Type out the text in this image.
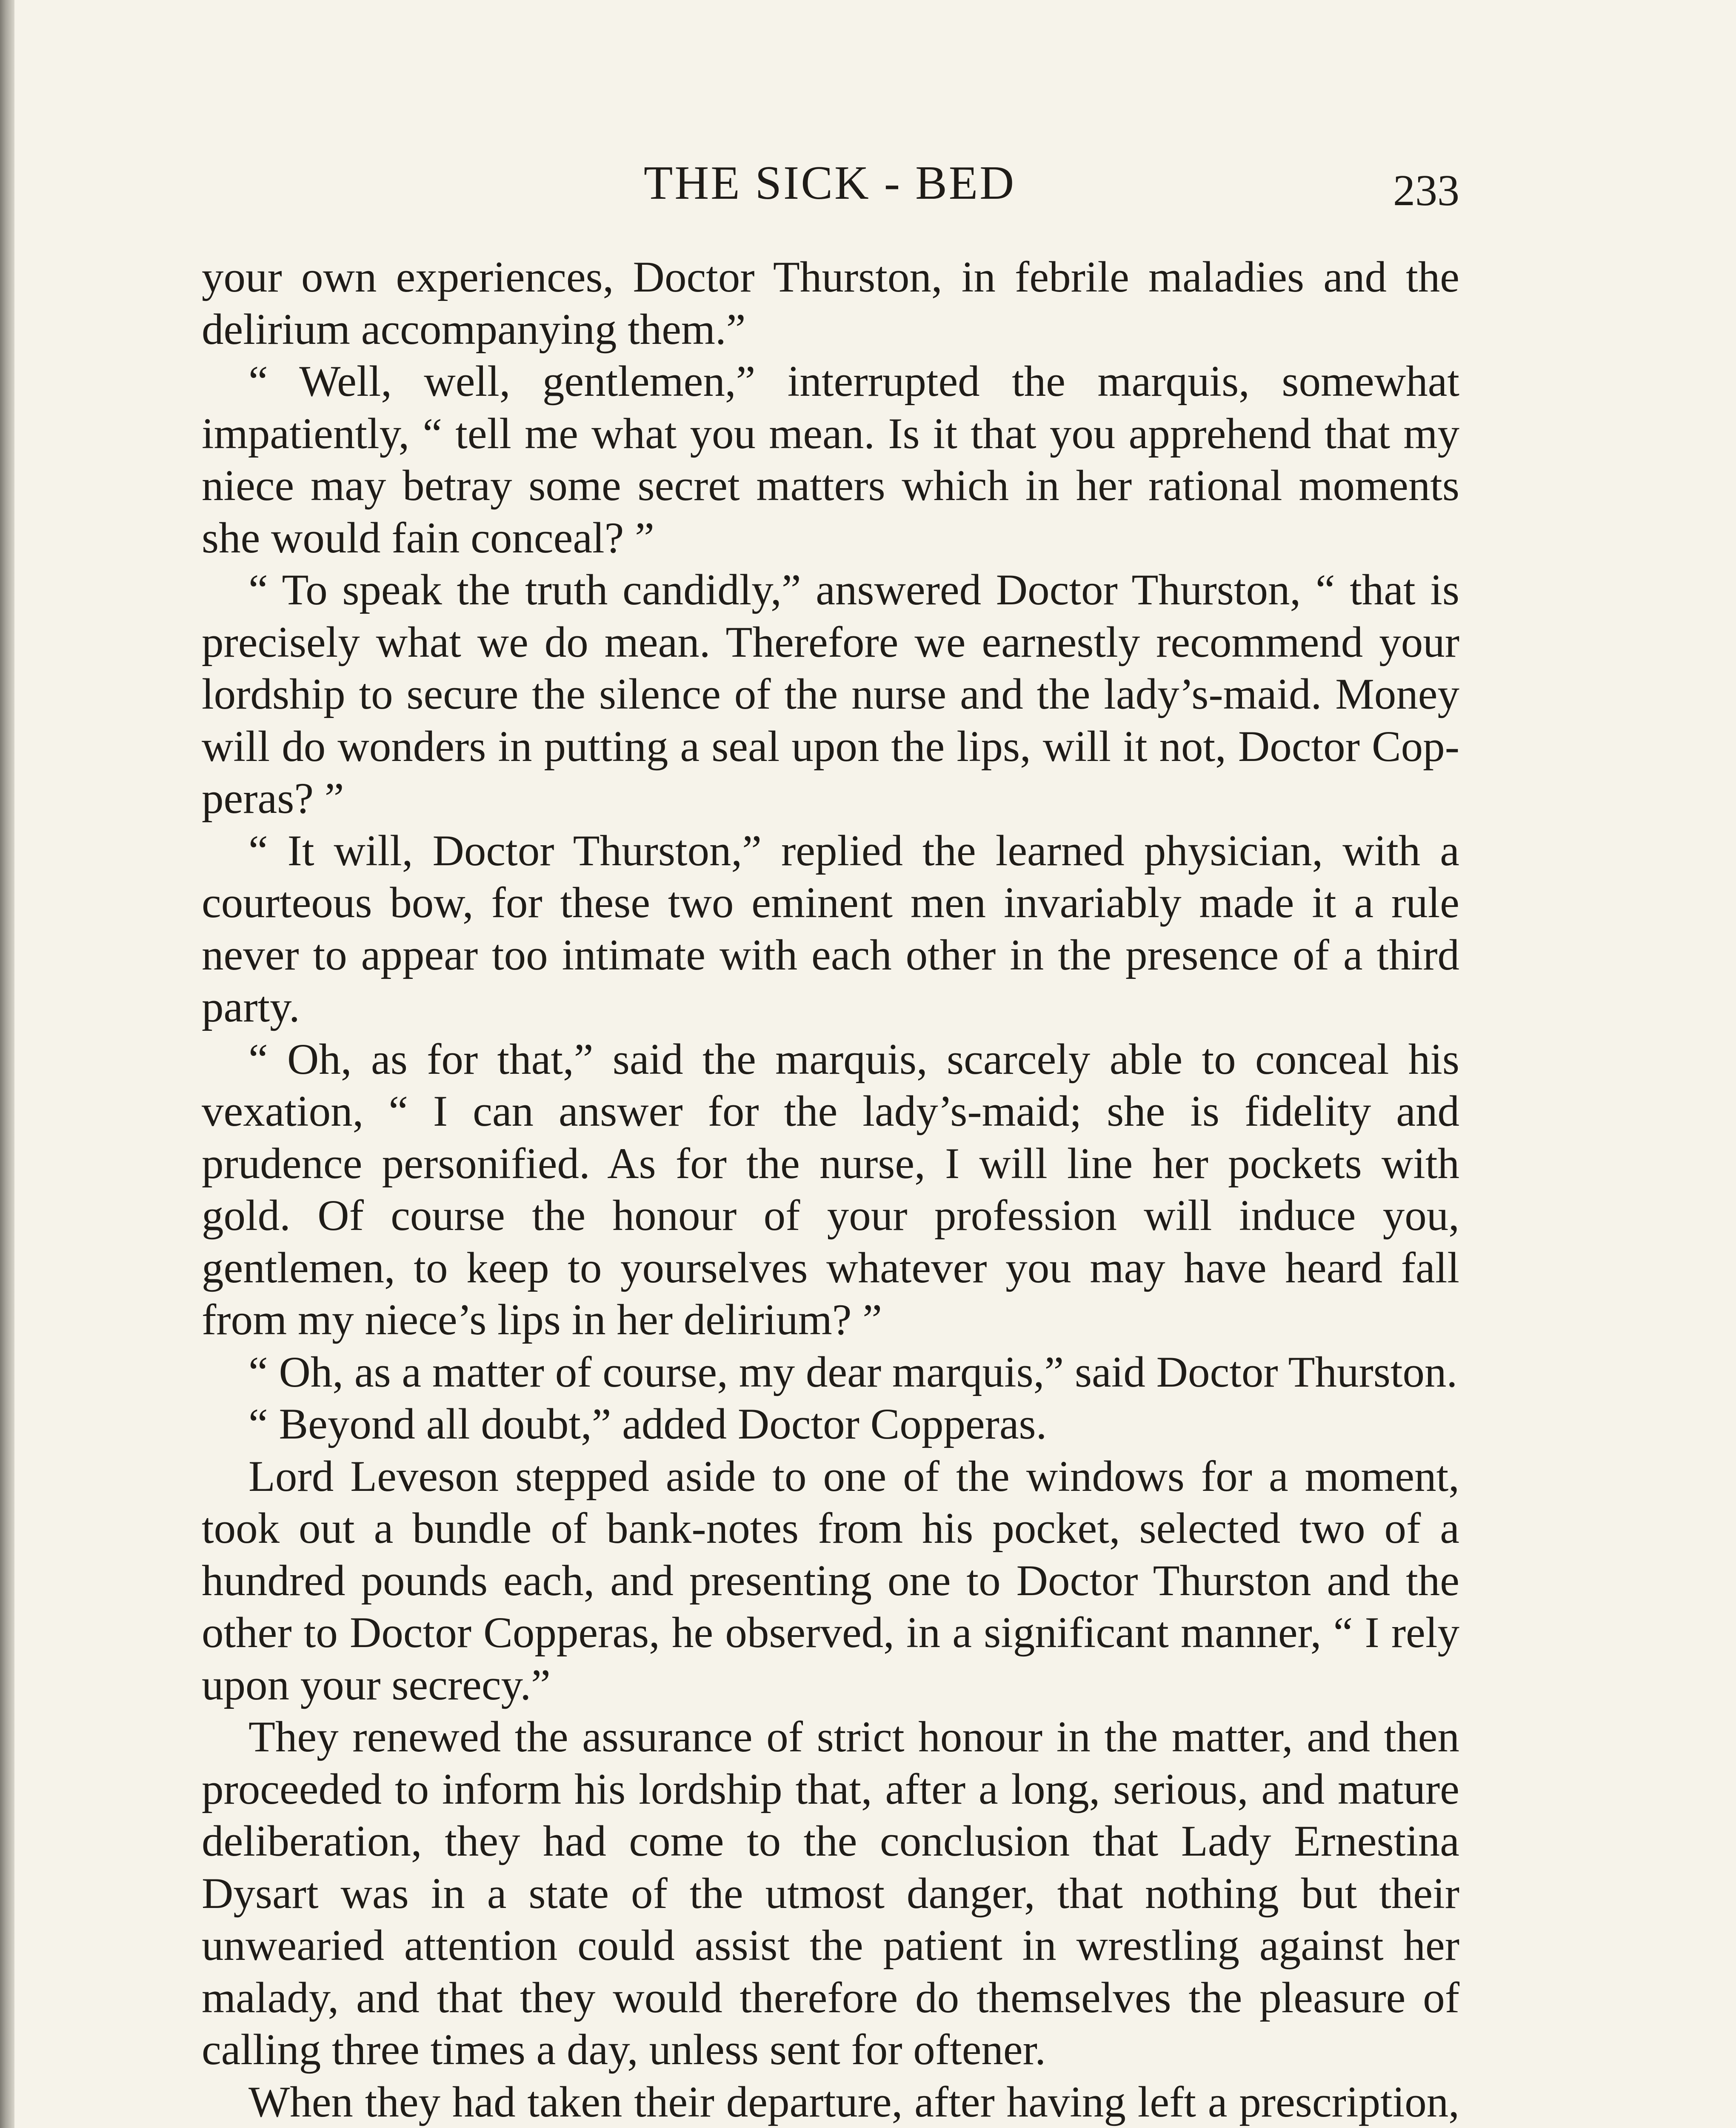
THE SICK - BED	233

your own experiences, Doctor Thurston, in febrile maladies and the delirium accompanying them.”

“ Well, well, gentlemen,” interrupted the marquis, somewhat impatiently, “ tell me what you mean. Is it that you apprehend that my niece may betray some secret matters which in her rational moments she would fain conceal? ”

“ To speak the truth candidly,” answered Doctor Thurston, “ that is precisely what we do mean. Therefore we earnestly recommend your lordship to secure the silence of the nurse and the lady’s-maid. Money will do wonders in putting a seal upon the lips, will it not, Doctor Copperas? ”

“ It will, Doctor Thurston,” replied the learned physician, with a courteous bow, for these two eminent men invariably made it a rule never to appear too intimate with each other in the presence of a third party.

“ Oh, as for that,” said the marquis, scarcely able to conceal his vexation, “ I can answer for the lady’s-maid; she is fidelity and prudence personified. As for the nurse, I will line her pockets with gold. Of course the honour of your profession will induce you, gentlemen, to keep to yourselves whatever you may have heard fall from my niece’s lips in her delirium? ”

“ Oh, as a matter of course, my dear marquis,” said Doctor Thurston.

“ Beyond all doubt,” added Doctor Copperas.

Lord Leveson stepped aside to one of the windows for a moment, took out a bundle of bank-notes from his pocket, selected two of a hundred pounds each, and presenting one to Doctor Thurston and the other to Doctor Copperas, he observed, in a significant manner, “ I rely upon your secrecy.”

They renewed the assurance of strict honour in the matter, and then proceeded to inform his lordship that, after a long, serious, and mature deliberation, they had come to the conclusion that Lady Ernestina Dysart was in a state of the utmost danger, that nothing but their unwearied attention could assist the patient in wrestling against her malady, and that they would therefore do themselves the pleasure of calling three times a day, unless sent for oftener.

When they had taken their departure, after having left a prescription,
